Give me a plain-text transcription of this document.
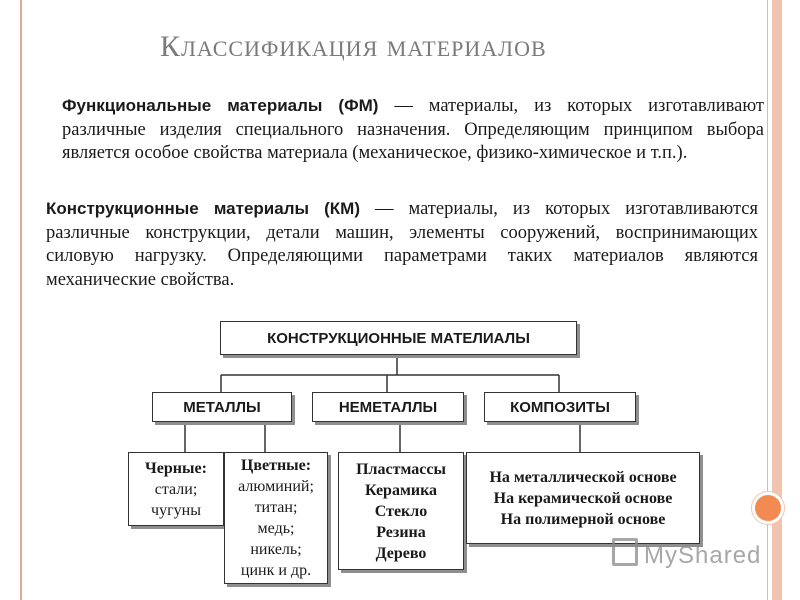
КЛАССИФИКАЦИЯ МАТЕРИАЛОВ
Функциональные материалы (ФМ) — материалы, из которых изготавливают различные изделия специального назначения. Определяющим принципом выбора является особое свойства материала (механическое, физико-химическое и т.п.).
Конструкционные материалы (КМ) — материалы, из которых изготавливаются различные конструкции, детали машин, элементы сооружений, воспринимающих силовую нагрузку. Определяющими параметрами таких материалов являются механические свойства.
КОНСТРУКЦИОННЫЕ МАТЕЛИАЛЫ
МЕТАЛЛЫ	НЕМЕТАЛЛЫ	КОМПОЗИТЫ
Черные:
стали;
чугуны
Цветные:
алюминий;
титан;
медь;
никель;
цинк и др.
Пластмассы
Керамика
Стекло
Резина
Дерево
На металлической основе
На керамической основе
На полимерной основе
MyShared
